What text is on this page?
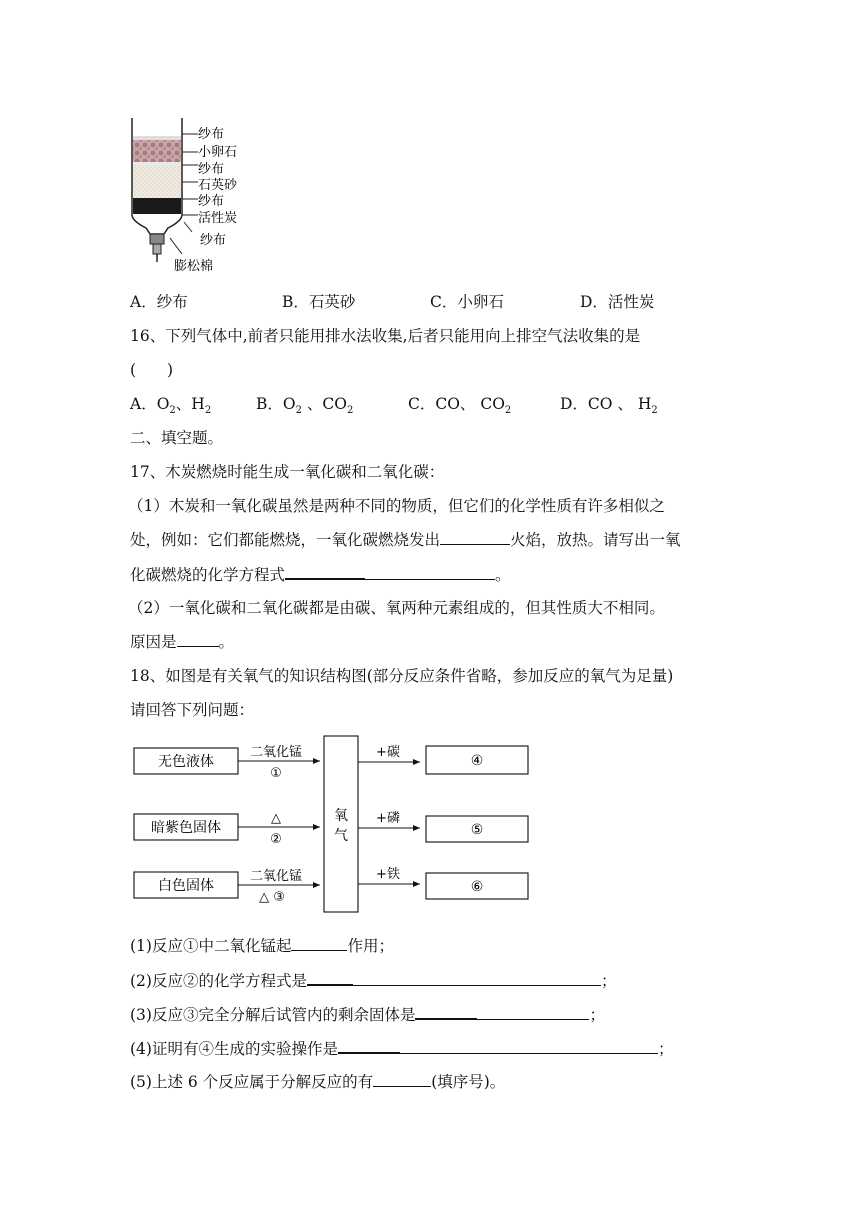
纱布
小卵石
纱布
石英砂
纱布
活性炭
纱布
膨松棉
A．纱布	B．石英砂	C．小卵石	D．活性炭
16、下列气体中,前者只能用排水法收集,后者只能用向上排空气法收集的是
(　　)
A．$O_2$、$H_2$	B．$O_2$ 、$CO_2$	C．CO、 $CO_2$	D．CO 、 $H_2$
二、填空题。
17、木炭燃烧时能生成一氧化碳和二氧化碳：
（1）木炭和一氧化碳虽然是两种不同的物质，但它们的化学性质有许多相似之
处，例如：它们都能燃烧，一氧化碳燃烧发出	火焰，放热。请写出一氧
化碳燃烧的化学方程式	。
（2）一氧化碳和二氧化碳都是由碳、氧两种元素组成的，但其性质大不相同。
原因是	。
18、如图是有关氧气的知识结构图(部分反应条件省略，参加反应的氧气为足量)
请回答下列问题：
无色液体
暗紫色固体
白色固体
二氧化锰
①
△
②
二氧化锰
△ ③
氧
气
+碳
+磷
+铁
④
⑤
⑥
(1)反应①中二氧化锰起	作用；
(2)反应②的化学方程式是	；
(3)反应③完全分解后试管内的剩余固体是	；
(4)证明有④生成的实验操作是	；
(5)上述 6 个反应属于分解反应的有	(填序号)。
